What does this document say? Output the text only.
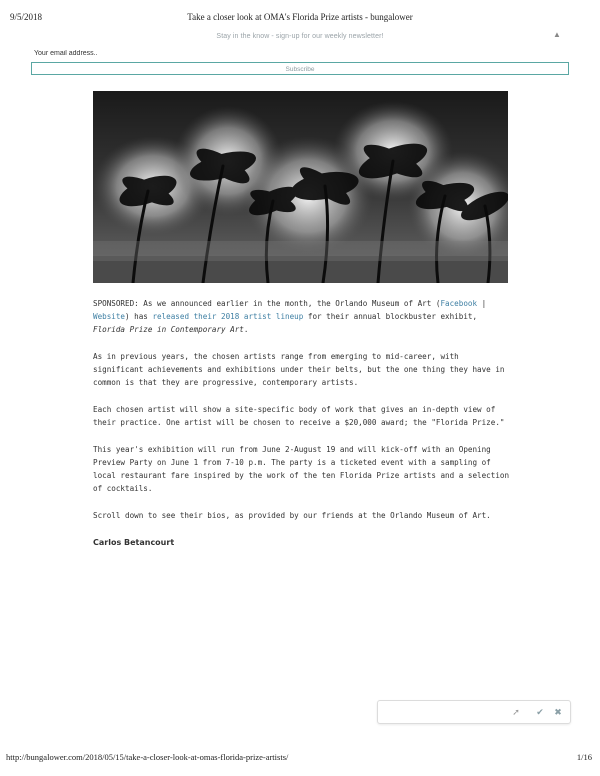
9/5/2018	Take a closer look at OMA's Florida Prize artists - bungalower
Stay in the know - sign-up for our weekly newsletter!	▲
Your email address..
Subscribe

SPONSORED: As we announced earlier in the month, the Orlando Museum of Art (Facebook | Website) has released their 2018 artist lineup for their annual blockbuster exhibit, Florida Prize in Contemporary Art.

As in previous years, the chosen artists range from emerging to mid-career, with significant achievements and exhibitions under their belts, but the one thing they have in common is that they are progressive, contemporary artists.

Each chosen artist will show a site-specific body of work that gives an in-depth view of their practice. One artist will be chosen to receive a $20,000 award; the "Florida Prize."

This year's exhibition will run from June 2-August 19 and will kick-off with an Opening Preview Party on June 1 from 7-10 p.m. The party is a ticketed event with a sampling of local restaurant fare inspired by the work of the ten Florida Prize artists and a selection of cocktails.

Scroll down to see their bios, as provided by our friends at the Orlando Museum of Art.

Carlos Betancourt

➚ ✔ ✖
http://bungalower.com/2018/05/15/take-a-closer-look-at-omas-florida-prize-artists/	1/16
